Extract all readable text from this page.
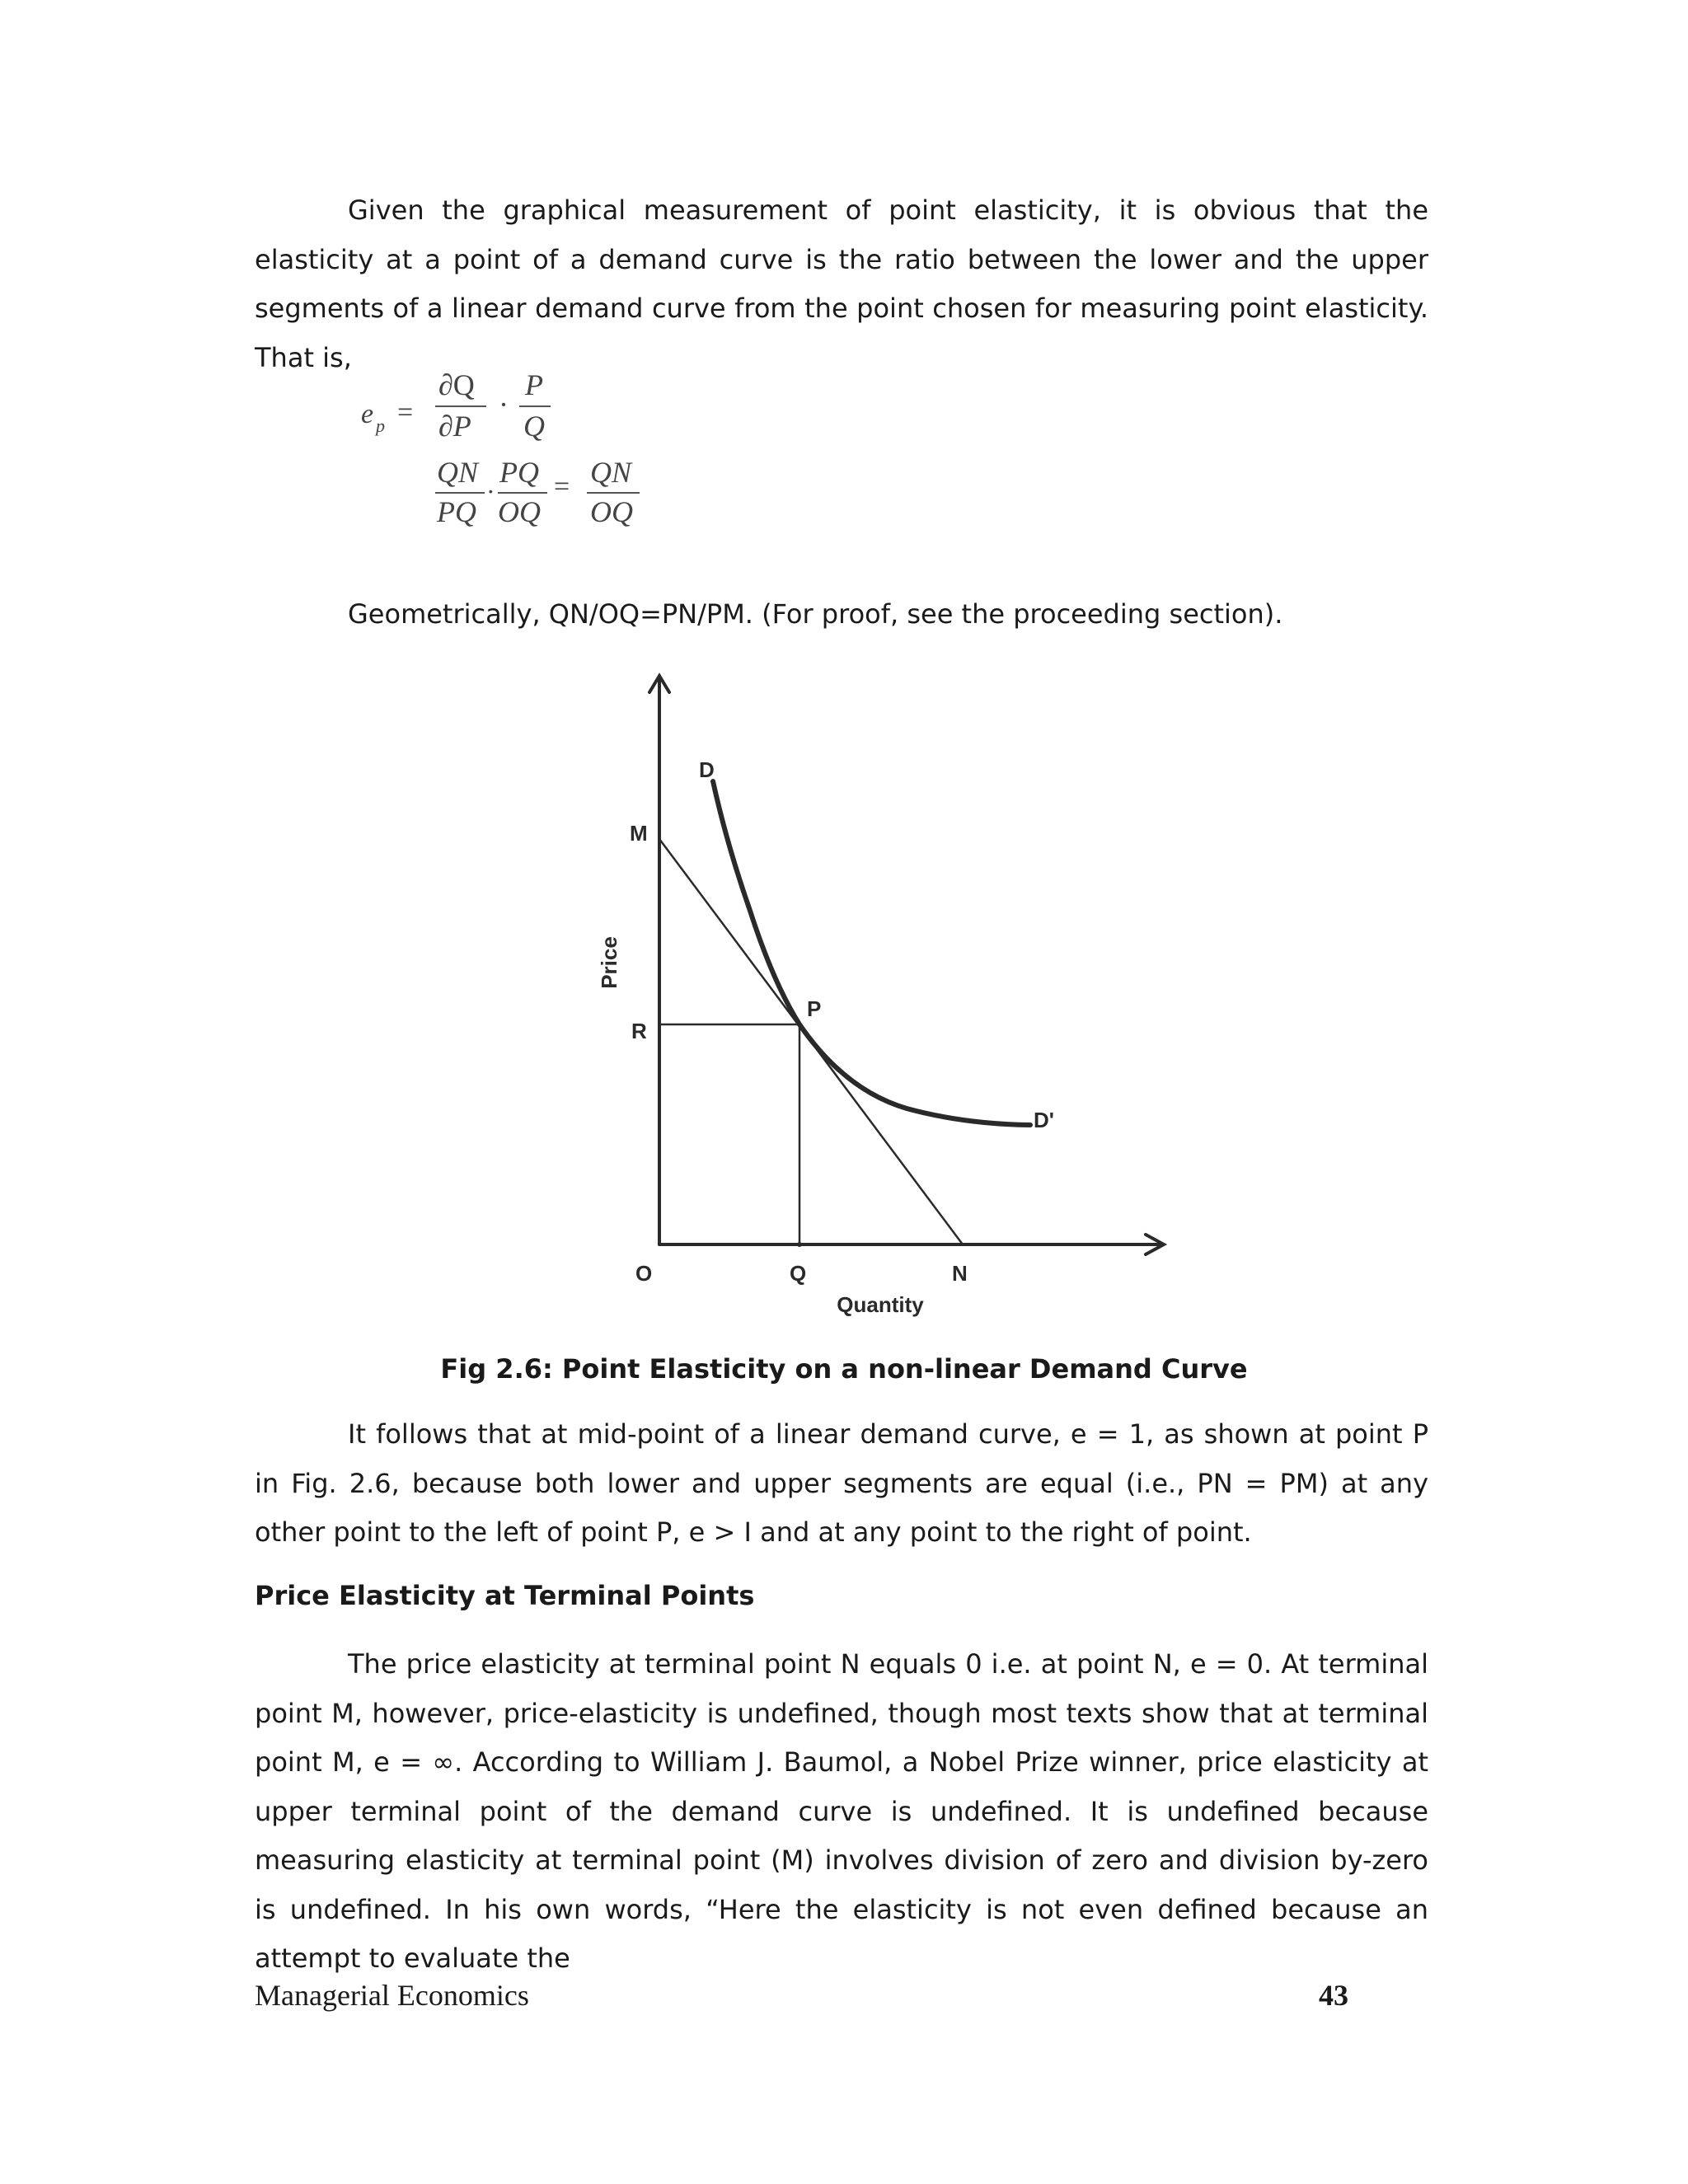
Given the graphical measurement of point elasticity, it is obvious that the elasticity at a point of a demand curve is the ratio between the lower and the upper segments of a linear demand curve from the point chosen for measuring point elasticity. That is,

e p =
∂Q
∂P
·
P
Q
QN
PQ
·
PQ
OQ
= QN
OQ

Geometrically, QN/OQ=PN/PM. (For proof, see the proceeding section).

D
M
R
P
D'
O	Q	N
Price
Quantity

Fig 2.6: Point Elasticity on a non-linear Demand Curve

It follows that at mid-point of a linear demand curve, e = 1, as shown at point P in Fig. 2.6, because both lower and upper segments are equal (i.e., PN = PM) at any other point to the left of point P, e > I and at any point to the right of point.

Price Elasticity at Terminal Points

The price elasticity at terminal point N equals 0 i.e. at point N, e = 0. At terminal point M, however, price-elasticity is undefined, though most texts show that at terminal point M, e = ∞. According to William J. Baumol, a Nobel Prize winner, price elasticity at upper terminal point of the demand curve is undefined. It is undefined because measuring elasticity at terminal point (M) involves division of zero and division by-zero is undefined. In his own words, “Here the elasticity is not even defined because an attempt to evaluate the

Managerial Economics	43
